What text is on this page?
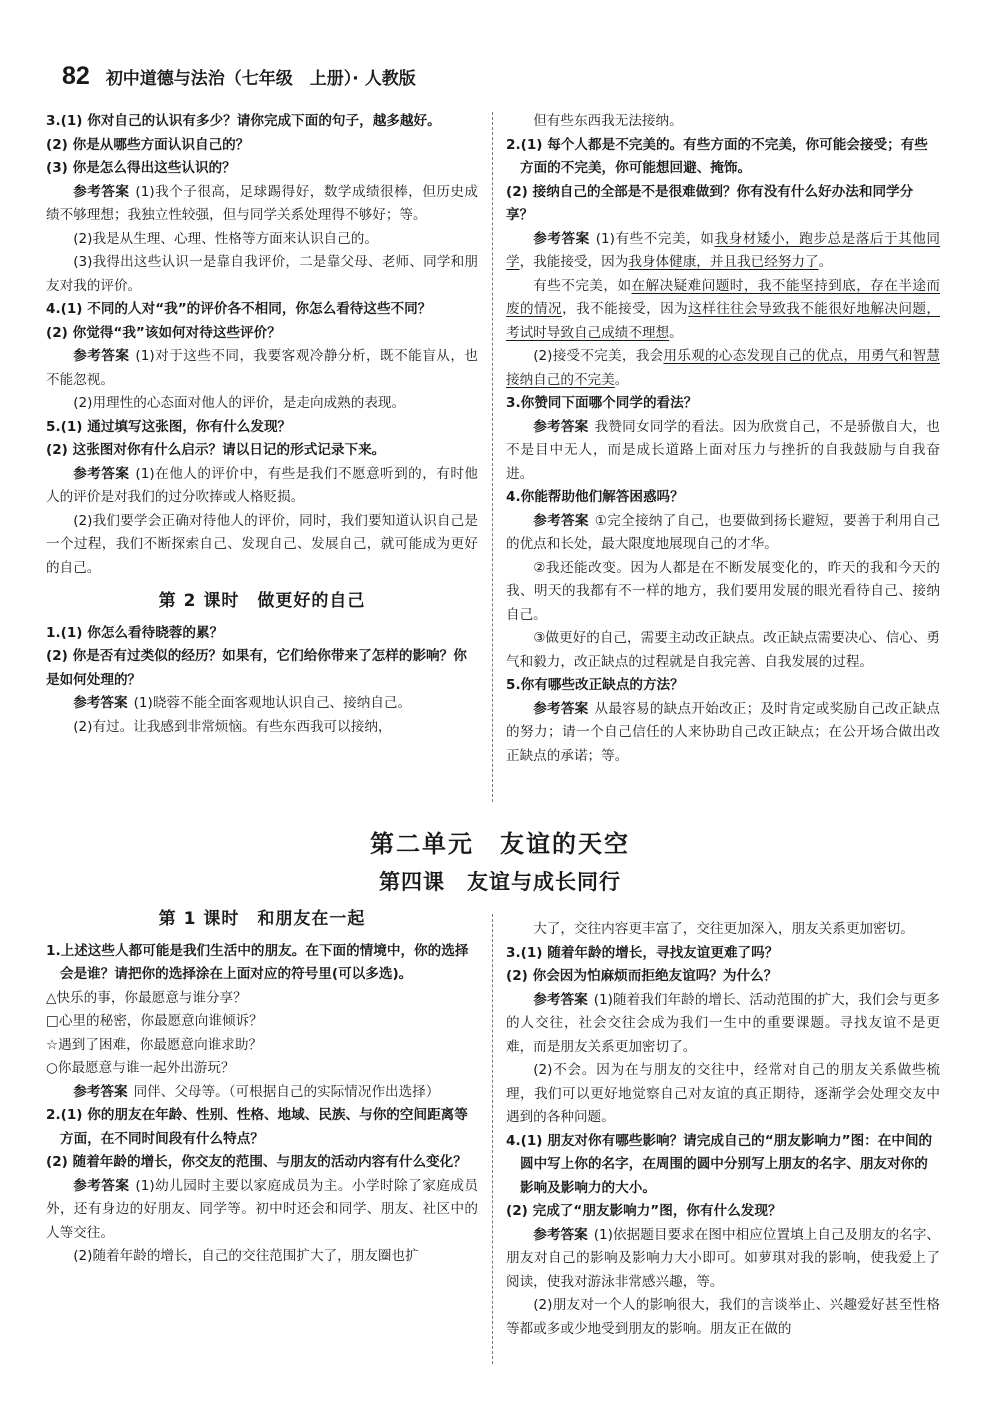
82 初中道德与法治（七年级　上册）· 人教版

3.(1) 你对自己的认识有多少？请你完成下面的句子，越多越好。

(2) 你是从哪些方面认识自己的？

(3) 你是怎么得出这些认识的？

参考答案 (1)我个子很高，足球踢得好，数学成绩很棒，但历史成绩不够理想；我独立性较强，但与同学关系处理得不够好；等。

(2)我是从生理、心理、性格等方面来认识自己的。

(3)我得出这些认识一是靠自我评价，二是靠父母、老师、同学和朋友对我的评价。

4.(1) 不同的人对“我”的评价各不相同，你怎么看待这些不同？

(2) 你觉得“我”该如何对待这些评价？

参考答案 (1)对于这些不同，我要客观冷静分析，既不能盲从，也不能忽视。

(2)用理性的心态面对他人的评价，是走向成熟的表现。

5.(1) 通过填写这张图，你有什么发现？

(2) 这张图对你有什么启示？请以日记的形式记录下来。

参考答案 (1)在他人的评价中，有些是我们不愿意听到的，有时他人的评价是对我们的过分吹捧或人格贬损。

(2)我们要学会正确对待他人的评价，同时，我们要知道认识自己是一个过程，我们不断探索自己、发现自己、发展自己，就可能成为更好的自己。

第 2 课时　做更好的自己

1.(1) 你怎么看待晓蓉的累？

(2) 你是否有过类似的经历？如果有，它们给你带来了怎样的影响？你是如何处理的？

参考答案 (1)晓蓉不能全面客观地认识自己、接纳自己。

(2)有过。让我感到非常烦恼。有些东西我可以接纳，

但有些东西我无法接纳。

2.(1) 每个人都是不完美的。有些方面的不完美，你可能会接受；有些方面的不完美，你可能想回避、掩饰。

(2) 接纳自己的全部是不是很难做到？你有没有什么好办法和同学分享？

参考答案 (1)有些不完美，如我身材矮小，跑步总是落后于其他同学，我能接受，因为我身体健康，并且我已经努力了。

有些不完美，如在解决疑难问题时，我不能坚持到底，存在半途而废的情况，我不能接受，因为这样往往会导致我不能很好地解决问题，考试时导致自己成绩不理想。

(2)接受不完美，我会用乐观的心态发现自己的优点，用勇气和智慧接纳自己的不完美。

3.你赞同下面哪个同学的看法？

参考答案 我赞同女同学的看法。因为欣赏自己，不是骄傲自大，也不是目中无人，而是成长道路上面对压力与挫折的自我鼓励与自我奋进。

4.你能帮助他们解答困惑吗？

参考答案 ①完全接纳了自己，也要做到扬长避短，要善于利用自己的优点和长处，最大限度地展现自己的才华。

②我还能改变。因为人都是在不断发展变化的，昨天的我和今天的我、明天的我都有不一样的地方，我们要用发展的眼光看待自己、接纳自己。

③做更好的自己，需要主动改正缺点。改正缺点需要决心、信心、勇气和毅力，改正缺点的过程就是自我完善、自我发展的过程。

5.你有哪些改正缺点的方法？

参考答案 从最容易的缺点开始改正；及时肯定或奖励自己改正缺点的努力；请一个自己信任的人来协助自己改正缺点；在公开场合做出改正缺点的承诺；等。

第二单元　友谊的天空
第四课　友谊与成长同行
第 1 课时　和朋友在一起

1.上述这些人都可能是我们生活中的朋友。在下面的情境中，你的选择会是谁？请把你的选择涂在上面对应的符号里(可以多选)。

△快乐的事，你最愿意与谁分享？

□心里的秘密，你最愿意向谁倾诉？

☆遇到了困难，你最愿意向谁求助？

○你最愿意与谁一起外出游玩？

参考答案 同伴、父母等。（可根据自己的实际情况作出选择）

2.(1) 你的朋友在年龄、性别、性格、地域、民族、与你的空间距离等方面，在不同时间段有什么特点？

(2) 随着年龄的增长，你交友的范围、与朋友的活动内容有什么变化？

参考答案 (1)幼儿园时主要以家庭成员为主。小学时除了家庭成员外，还有身边的好朋友、同学等。初中时还会和同学、朋友、社区中的人等交往。

(2)随着年龄的增长，自己的交往范围扩大了，朋友圈也扩

大了，交往内容更丰富了，交往更加深入，朋友关系更加密切。

3.(1) 随着年龄的增长，寻找友谊更难了吗？

(2) 你会因为怕麻烦而拒绝友谊吗？为什么？

参考答案 (1)随着我们年龄的增长、活动范围的扩大，我们会与更多的人交往，社会交往会成为我们一生中的重要课题。寻找友谊不是更难，而是朋友关系更加密切了。

(2)不会。因为在与朋友的交往中，经常对自己的朋友关系做些梳理，我们可以更好地觉察自己对友谊的真正期待，逐渐学会处理交友中遇到的各种问题。

4.(1) 朋友对你有哪些影响？请完成自己的“朋友影响力”图：在中间的圆中写上你的名字，在周围的圆中分别写上朋友的名字、朋友对你的影响及影响力的大小。

(2) 完成了“朋友影响力”图，你有什么发现？

参考答案 (1)依据题目要求在图中相应位置填上自己及朋友的名字、朋友对自己的影响及影响力大小即可。如萝琪对我的影响，使我爱上了阅读，使我对游泳非常感兴趣，等。

(2)朋友对一个人的影响很大，我们的言谈举止、兴趣爱好甚至性格等都或多或少地受到朋友的影响。朋友正在做的
